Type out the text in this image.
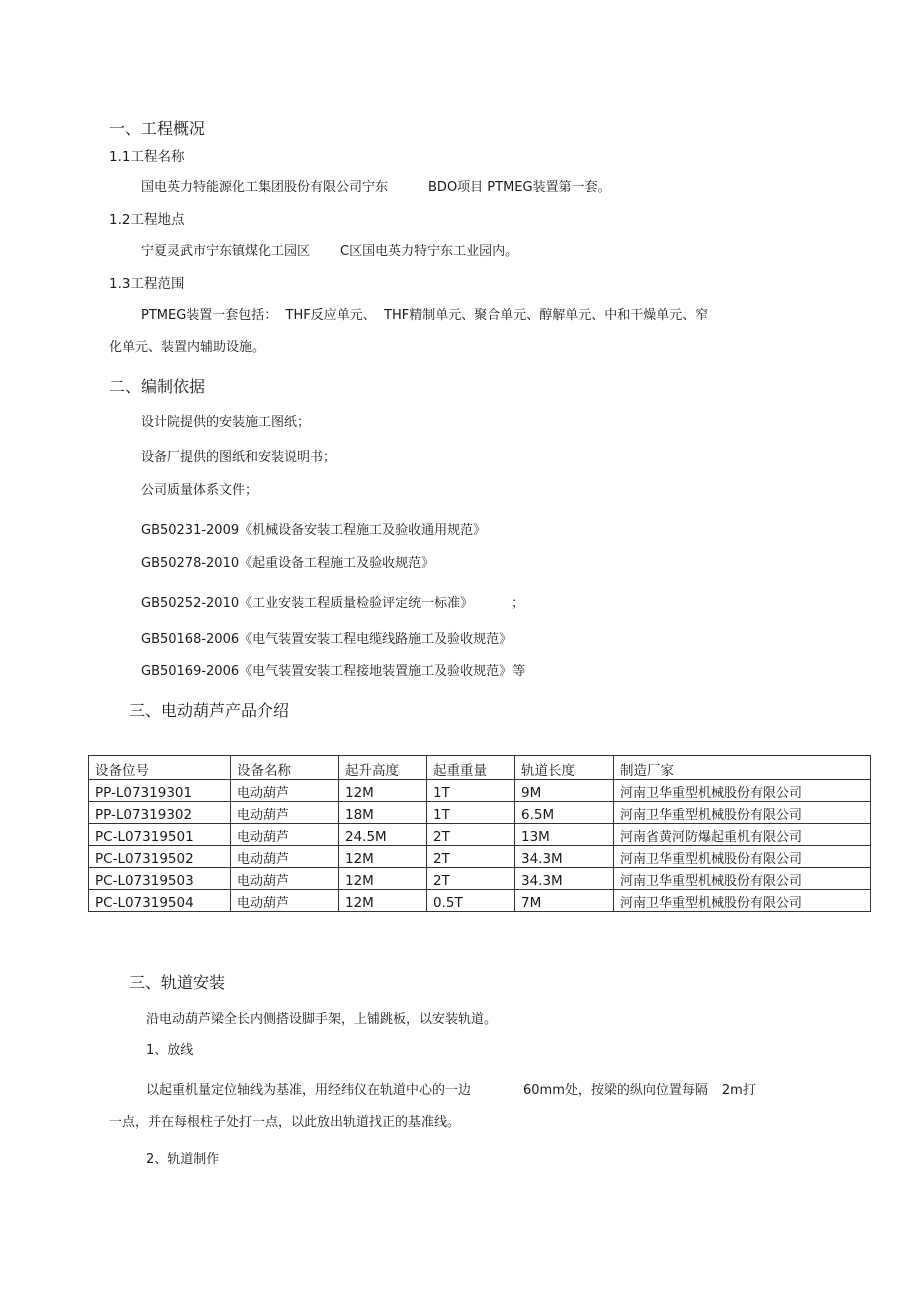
一、工程概况
1.1工程名称
国电英力特能源化工集团股份有限公司宁东	BDO项目 PTMEG装置第一套。
1.2工程地点
宁夏灵武市宁东镇煤化工园区 C区国电英力特宁东工业园内。
1.3工程范围
PTMEG装置一套包括：  THF反应单元、  THF精制单元、聚合单元、醇解单元、中和干燥单元、窄
化单元、装置内辅助设施。
二、编制依据
设计院提供的安装施工图纸；
设备厂提供的图纸和安装说明书；
公司质量体系文件；
GB50231-2009《机械设备安装工程施工及验收通用规范》
GB50278-2010《起重设备工程施工及验收规范》
GB50252-2010《工业安装工程质量检验评定统一标准》	；
GB50168-2006《电气装置安装工程电缆线路施工及验收规范》
GB50169-2006《电气装置安装工程接地装置施工及验收规范》等
三、电动葫芦产品介绍
设备位号	设备名称	起升高度	起重重量	轨道长度	制造厂家
PP-L07319301	电动葫芦	12M	1T	9M	河南卫华重型机械股份有限公司
PP-L07319302	电动葫芦	18M	1T	6.5M	河南卫华重型机械股份有限公司
PC-L07319501	电动葫芦	24.5M	2T	13M	河南省黄河防爆起重机有限公司
PC-L07319502	电动葫芦	12M	2T	34.3M	河南卫华重型机械股份有限公司
PC-L07319503	电动葫芦	12M	2T	34.3M	河南卫华重型机械股份有限公司
PC-L07319504	电动葫芦	12M	0.5T	7M	河南卫华重型机械股份有限公司
三、轨道安装
沿电动葫芦梁全长内侧搭设脚手架，上铺跳板，以安装轨道。
1、放线
以起重机量定位轴线为基准，用经纬仪在轨道中心的一边	60mm处，按梁的纵向位置每隔 2m打
一点，并在每根柱子处打一点，以此放出轨道找正的基准线。
2、轨道制作
